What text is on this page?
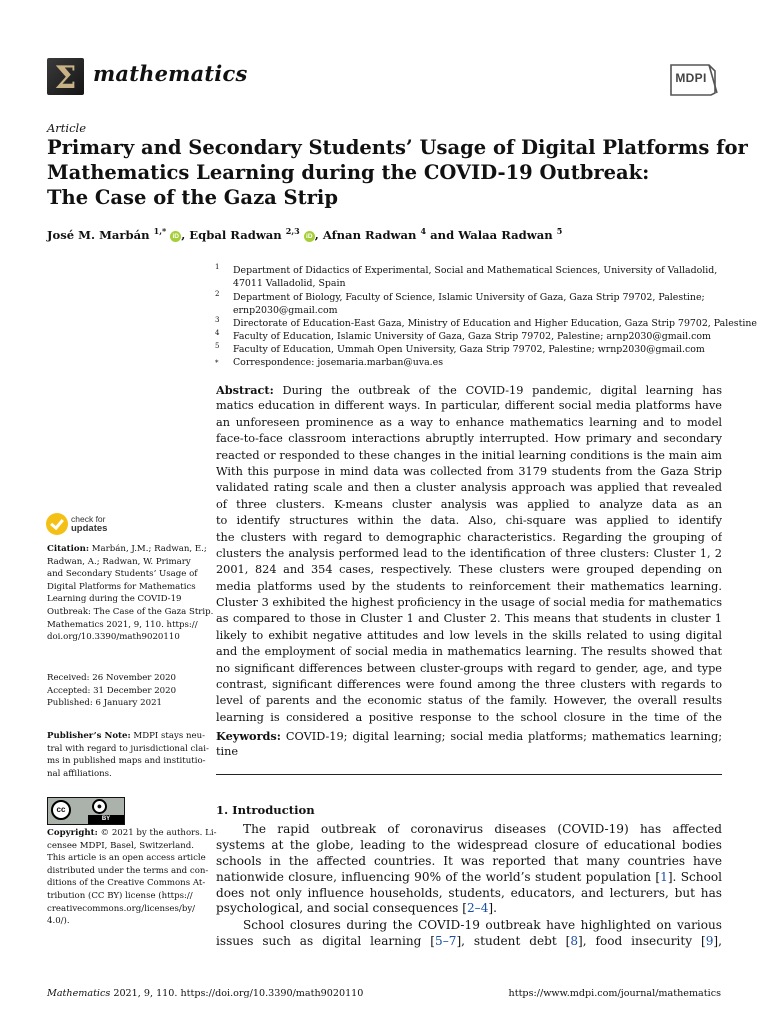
Σ mathematics	MDPI
Article
Primary and Secondary Students’ Usage of Digital Platforms for
Mathematics Learning during the COVID-19 Outbreak:
The Case of the Gaza Strip
José M. Marbán $^{1,*}$ iD , Eqbal Radwan $^{2,3}$ iD , Afnan Radwan $^4$ and Walaa Radwan $^5$
1 Department of Didactics of Experimental, Social and Mathematical Sciences, University of Valladolid,
47011 Valladolid, Spain
2 Department of Biology, Faculty of Science, Islamic University of Gaza, Gaza Strip 79702, Palestine;
ernp2030@gmail.com
3 Directorate of Education-East Gaza, Ministry of Education and Higher Education, Gaza Strip 79702, Palestine
4 Faculty of Education, Islamic University of Gaza, Gaza Strip 79702, Palestine; arnp2030@gmail.com
5 Faculty of Education, Ummah Open University, Gaza Strip 79702, Palestine; wrnp2030@gmail.com
* Correspondence: josemaria.marban@uva.es
Abstract: During the outbreak of the COVID-19 pandemic, digital learning has
matics education in different ways. In particular, different social media platforms have
an unforeseen prominence as a way to enhance mathematics learning and to model
face-to-face classroom interactions abruptly interrupted. How primary and secondary
reacted or responded to these changes in the initial learning conditions is the main aim
With this purpose in mind data was collected from 3179 students from the Gaza Strip
validated rating scale and then a cluster analysis approach was applied that revealed
of three clusters. K-means cluster analysis was applied to analyze data as an
to identify structures within the data. Also, chi-square was applied to identify
the clusters with regard to demographic characteristics. Regarding the grouping of
clusters the analysis performed lead to the identification of three clusters: Cluster 1, 2
2001, 824 and 354 cases, respectively. These clusters were grouped depending on
media platforms used by the students to reinforcement their mathematics learning.
Cluster 3 exhibited the highest proficiency in the usage of social media for mathematics
as compared to those in Cluster 1 and Cluster 2. This means that students in cluster 1
likely to exhibit negative attitudes and low levels in the skills related to using digital
and the employment of social media in mathematics learning. The results showed that
no significant differences between cluster-groups with regard to gender, age, and type
contrast, significant differences were found among the three clusters with regards to
level of parents and the economic status of the family. However, the overall results
learning is considered a positive response to the school closure in the time of the
Keywords: COVID-19; digital learning; social media platforms; mathematics learning;
tine
1. Introduction
The rapid outbreak of coronavirus diseases (COVID-19) has affected
systems at the globe, leading to the widespread closure of educational bodies
schools in the affected countries. It was reported that many countries have
nationwide closure, influencing 90% of the world’s student population [1]. School
does not only influence households, students, educators, and lecturers, but has
psychological, and social consequences [2–4].
School closures during the COVID-19 outbreak have highlighted on various
issues such as digital learning [5–7], student debt [8], food insecurity [9],
check for
updates
Citation: Marbán, J.M.; Radwan, E.;
Radwan, A.; Radwan, W. Primary
and Secondary Students’ Usage of
Digital Platforms for Mathematics
Learning during the COVID-19
Outbreak: The Case of the Gaza Strip.
Mathematics 2021, 9, 110. https://
doi.org/10.3390/math9020110
Received: 26 November 2020
Accepted: 31 December 2020
Published: 6 January 2021
Publisher’s Note: MDPI stays neu-
tral with regard to jurisdictional clai-
ms in published maps and institutio-
nal affiliations.
cc	●
BY
Copyright: © 2021 by the authors. Li-
censee MDPI, Basel, Switzerland.
This article is an open access article
distributed under the terms and con-
ditions of the Creative Commons At-
tribution (CC BY) license (https://
creativecommons.org/licenses/by/
4.0/).
Mathematics 2021, 9, 110. https://doi.org/10.3390/math9020110	https://www.mdpi.com/journal/mathematics
